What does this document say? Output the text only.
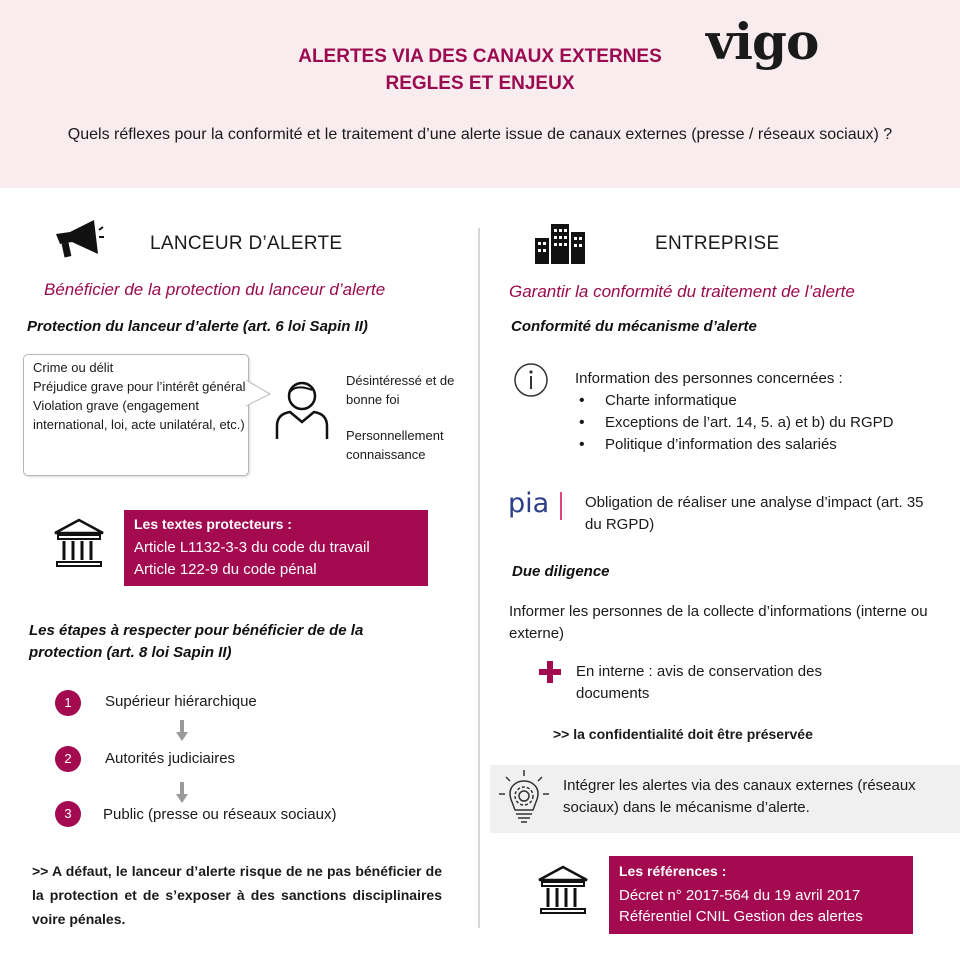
ALERTES VIA DES CANAUX EXTERNES
REGLES ET ENJEUX
vigo
Quels réflexes pour la conformité et le traitement d’une alerte issue de canaux externes (presse / réseaux sociaux) ?
LANCEUR D’ALERTE
Bénéficier de la protection du lanceur d’alerte
Protection du lanceur d’alerte (art. 6 loi Sapin II)
Crime ou délit
Préjudice grave pour l’intérêt général
Violation grave (engagement international, loi, acte unilatéral, etc.)
Désintéressé et de bonne foi
Personnellement connaissance
Les textes protecteurs :
Article L1132-3-3 du code du travail
Article 122-9 du code pénal
Les étapes à respecter pour bénéficier de de la protection (art. 8 loi Sapin II)
1	Supérieur hiérarchique
2	Autorités judiciaires
3	Public (presse ou réseaux sociaux)
>> A défaut, le lanceur d’alerte risque de ne pas bénéficier de la protection et de s’exposer à des sanctions disciplinaires voire pénales.
ENTREPRISE
Garantir la conformité du traitement de l’alerte
Conformité du mécanisme d’alerte
Information des personnes concernées :
• Charte informatique
• Exceptions de l’art. 14, 5. a) et b) du RGPD
• Politique d’information des salariés
pia Obligation de réaliser une analyse d’impact (art. 35 du RGPD)
Due diligence
Informer les personnes de la collecte d’informations (interne ou externe)
En interne : avis de conservation des documents
>> la confidentialité doit être préservée
Intégrer les alertes via des canaux externes (réseaux sociaux) dans le mécanisme d’alerte.
Les références :
Décret n° 2017-564 du 19 avril 2017
Référentiel CNIL Gestion des alertes
